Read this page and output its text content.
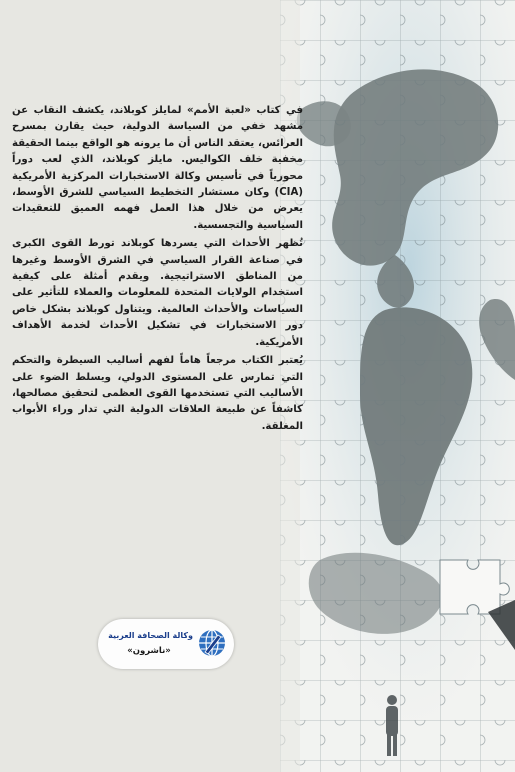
في كتاب «لعبة الأمم» لمايلز كوبلاند، يكشف النقاب عن مشهد خفي من السياسة الدولية، حيث يقارن بمسرح العرائس، يعتقد الناس أن ما يرونه هو الواقع بينما الحقيقة مخفية خلف الكواليس. مايلز كوبلاند، الذي لعب دوراً محورياً في تأسيس وكالة الاستخبارات المركزية الأمريكية (CIA) وكان مستشار التخطيط السياسي للشرق الأوسط، يعرض من خلال هذا العمل فهمه العميق للتعقيدات السياسية والتجسسية.

تُظهر الأحداث التي يسردها كوبلاند تورط القوى الكبرى في صناعة القرار السياسي في الشرق الأوسط وغيرها من المناطق الاستراتيجية. ويقدم أمثلة على كيفية استخدام الولايات المتحدة للمعلومات والعملاء للتأثير على السياسات والأحداث العالمية. ويتناول كوبلاند بشكل خاص دور الاستخبارات في تشكيل الأحداث لخدمة الأهداف الأمريكية.

يُعتبر الكتاب مرجعاً هاماً لفهم أساليب السيطرة والتحكم التي تمارس على المستوى الدولي، ويسلط الضوء على الأساليب التي تستخدمها القوى العظمى لتحقيق مصالحها، كاشفاً عن طبيعة العلاقات الدولية التي تدار وراء الأبواب المغلقة.

وكالة الصحافة العربية
«ناشرون»
